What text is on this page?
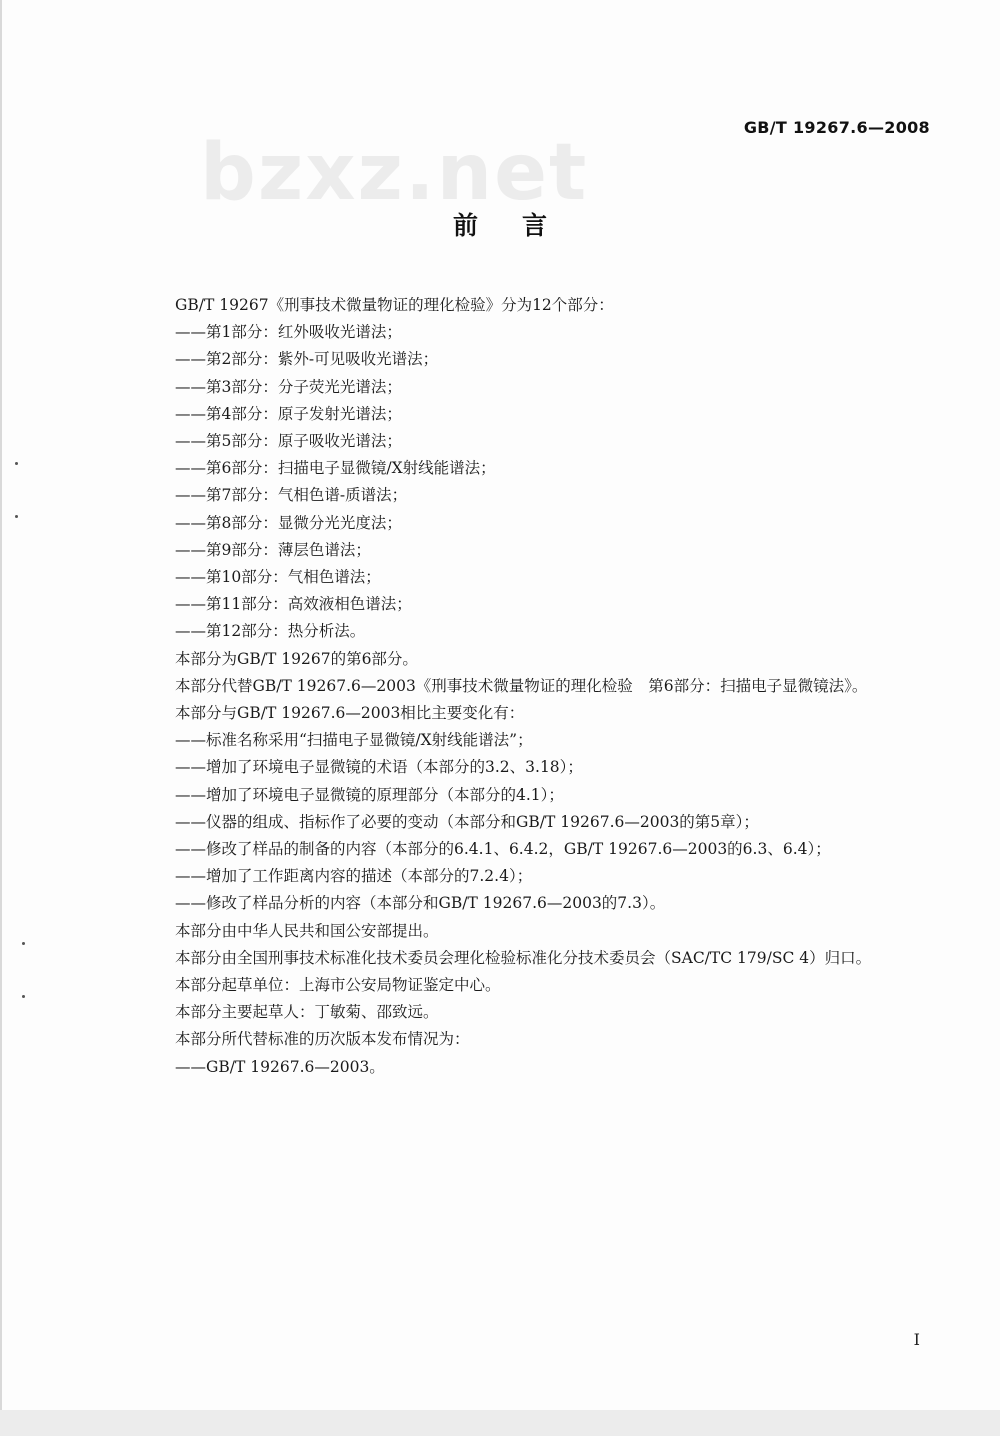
bzxz.net
GB/T 19267.6—2008
前言

GB/T 19267《刑事技术微量物证的理化检验》分为12个部分：

——第1部分：红外吸收光谱法；

——第2部分：紫外-可见吸收光谱法；

——第3部分：分子荧光光谱法；

——第4部分：原子发射光谱法；

——第5部分：原子吸收光谱法；

——第6部分：扫描电子显微镜/X射线能谱法；

——第7部分：气相色谱-质谱法；

——第8部分：显微分光光度法；

——第9部分：薄层色谱法；

——第10部分：气相色谱法；

——第11部分：高效液相色谱法；

——第12部分：热分析法。

本部分为GB/T 19267的第6部分。

本部分代替GB/T 19267.6—2003《刑事技术微量物证的理化检验　第6部分：扫描电子显微镜法》。

本部分与GB/T 19267.6—2003相比主要变化有：

——标准名称采用“扫描电子显微镜/X射线能谱法”；

——增加了环境电子显微镜的术语（本部分的3.2、3.18）；

——增加了环境电子显微镜的原理部分（本部分的4.1）；

——仪器的组成、指标作了必要的变动（本部分和GB/T 19267.6—2003的第5章）；

——修改了样品的制备的内容（本部分的6.4.1、6.4.2，GB/T 19267.6—2003的6.3、6.4）；

——增加了工作距离内容的描述（本部分的7.2.4）；

——修改了样品分析的内容（本部分和GB/T 19267.6—2003的7.3）。

本部分由中华人民共和国公安部提出。

本部分由全国刑事技术标准化技术委员会理化检验标准化分技术委员会（SAC/TC 179/SC 4）归口。

本部分起草单位：上海市公安局物证鉴定中心。

本部分主要起草人：丁敏菊、邵致远。

本部分所代替标准的历次版本发布情况为：

——GB/T 19267.6—2003。

I
